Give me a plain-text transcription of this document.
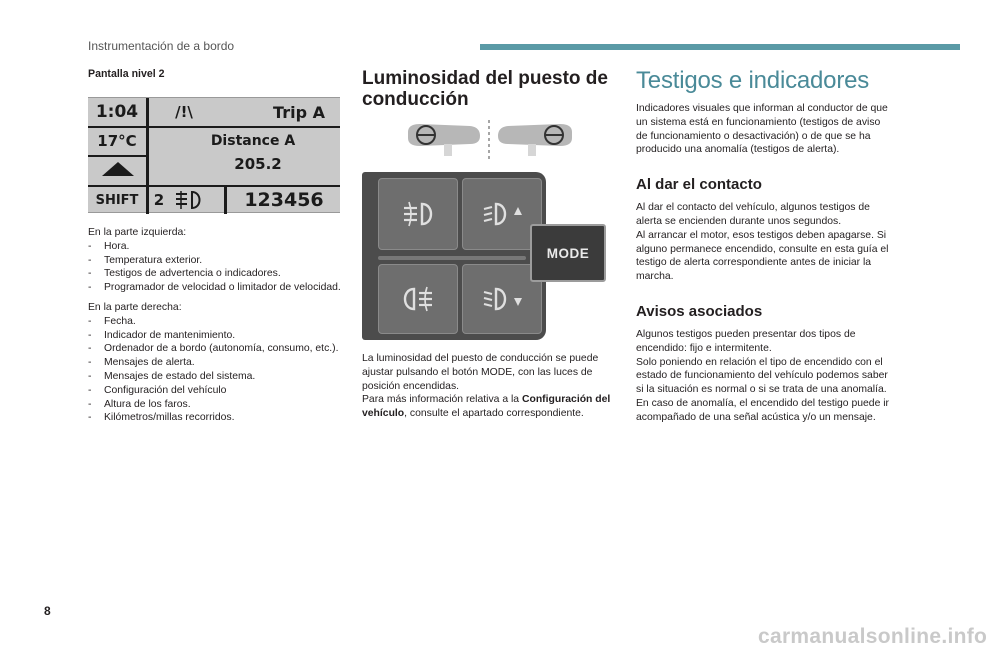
Instrumentación de a bordo

Pantalla nivel 2

1:04	/!\	Trip A
17°C	Distance A
205.2
SHIFT	2	123456

En la parte izquierda:

- Hora.
- Temperatura exterior.
- Testigos de advertencia o indicadores.
- Programador de velocidad o limitador de velocidad.

En la parte derecha:

- Fecha.
- Indicador de mantenimiento.
- Ordenador de a bordo (autonomía, consumo, etc.).
- Mensajes de alerta.
- Mensajes de estado del sistema.
- Configuración del vehículo
- Altura de los faros.
- Kilómetros/millas recorridos.
Luminosidad del puesto de conducción
MODE

La luminosidad del puesto de conducción se puede ajustar pulsando el botón MODE, con las luces de posición encendidas.

Para más información relativa a la Configuración del vehículo, consulte el apartado correspondiente.

Testigos e indicadores

Indicadores visuales que informan al conductor de que un sistema está en funcionamiento (testigos de aviso de funcionamiento o desactivación) o de que se ha producido una anomalía (testigos de alerta).

Al dar el contacto

Al dar el contacto del vehículo, algunos testigos de alerta se encienden durante unos segundos.

Al arrancar el motor, esos testigos deben apagarse. Si alguno permanece encendido, consulte en esta guía el testigo de alerta correspondiente antes de iniciar la marcha.

Avisos asociados

Algunos testigos pueden presentar dos tipos de encendido: fijo e intermitente.

Solo poniendo en relación el tipo de encendido con el estado de funcionamiento del vehículo podemos saber si la situación es normal o si se trata de una anomalía.

En caso de anomalía, el encendido del testigo puede ir acompañado de una señal acústica y/o un mensaje.

8
carmanualsonline.info
